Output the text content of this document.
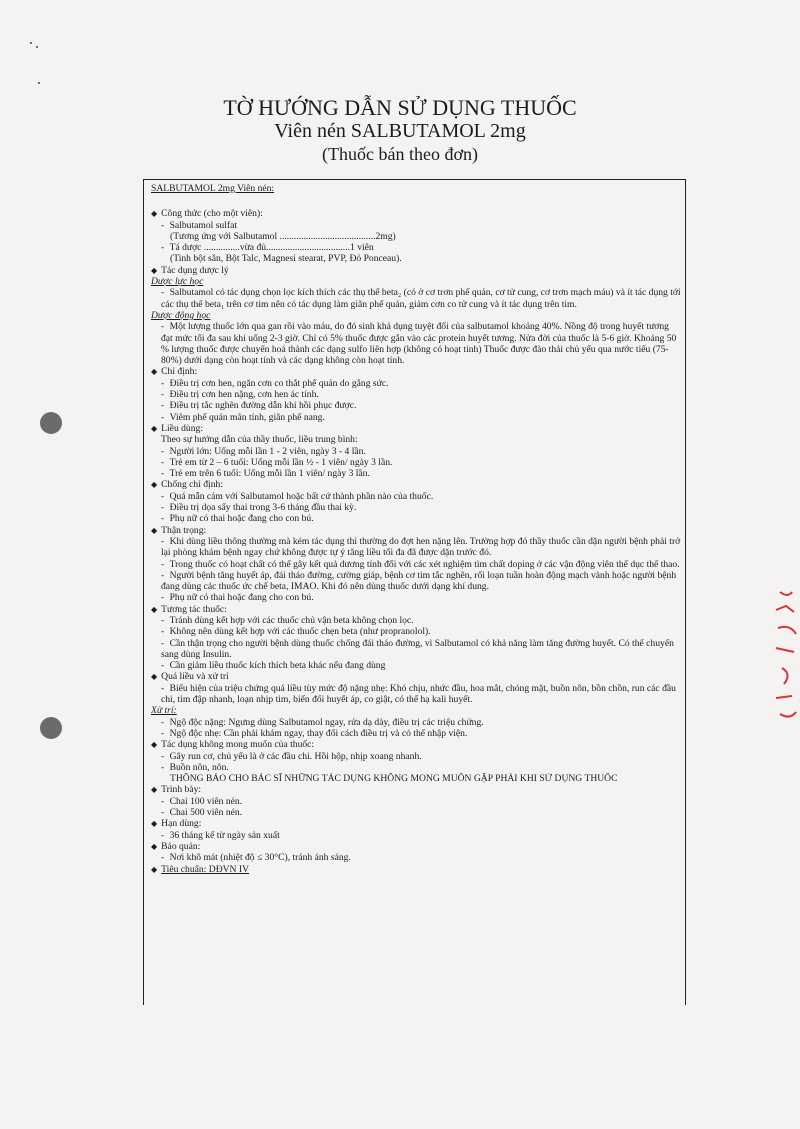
TỜ HƯỚNG DẪN SỬ DỤNG THUỐC
Viên nén SALBUTAMOL 2mg
(Thuốc bán theo đơn)
SALBUTAMOL 2mg Viên nén:
◆ Công thức (cho một viên):
- Salbutamol sulfat
(Tương ứng với Salbutamol ........................................2mg)
- Tá dược ...............vừa đủ...................................1 viên
(Tinh bột sắn, Bột Talc, Magnesi stearat, PVP, Đỏ Ponceau).
◆ Tác dụng dược lý
Dược lực học
- Salbutamol có tác dụng chọn lọc kích thích các thụ thể beta₂ (có ở cơ trơn phế quản, cơ tử cung, cơ trơn mạch máu) và ít tác dụng tới các thụ thể beta₁ trên cơ tim nên có tác dụng làm giãn phế quản, giảm cơn co tử cung và ít tác dụng trên tim.
Dược động học
- Một lượng thuốc lớn qua gan rồi vào máu, do đó sinh khả dụng tuyệt đối của salbutamol khoảng 40%. Nồng độ trong huyết tương đạt mức tối đa sau khi uống 2-3 giờ. Chỉ có 5% thuốc được gắn vào các protein huyết tương. Nửa đời của thuốc là 5-6 giờ. Khoảng 50 % lượng thuốc được chuyển hoá thành các dạng sulfo liên hợp (không có hoạt tính) Thuốc được đào thải chủ yếu qua nước tiểu (75-80%) dưới dạng còn hoạt tính và các dạng không còn hoạt tính.
◆ Chỉ định:
- Điều trị cơn hen, ngăn cơn co thắt phế quản do gắng sức.
- Điều trị cơn hen nặng, cơn hen ác tính.
- Điều trị tắc nghẽn đường dẫn khí hồi phục được.
- Viêm phế quản mãn tính, giãn phế nang.
◆ Liều dùng:
Theo sự hướng dẫn của thầy thuốc, liều trung bình:
- Người lớn: Uống mỗi lần 1 - 2 viên, ngày 3 - 4 lần.
- Trẻ em từ 2 – 6 tuổi: Uống mỗi lần ½ - 1 viên/ ngày 3 lần.
- Trẻ em trên 6 tuổi: Uống mỗi lần 1 viên/ ngày 3 lần.
◆ Chống chỉ định:
- Quá mẫn cảm với Salbutamol hoặc bất cứ thành phần nào của thuốc.
- Điều trị dọa sẩy thai trong 3-6 tháng đầu thai kỳ.
- Phụ nữ có thai hoặc đang cho con bú.
◆ Thận trọng:
- Khi dùng liều thông thường mà kém tác dụng thì thường do đợt hen nặng lên. Trường hợp đó thầy thuốc cần dặn người bệnh phải trở lại phòng khám bệnh ngay chứ không được tự ý tăng liều tối đa đã được dặn trước đó.
- Trong thuốc có hoạt chất có thể gây kết quả dương tính đối với các xét nghiệm tìm chất doping ở các vận động viên thể dục thể thao.
- Người bệnh tăng huyết áp, đái tháo đường, cường giáp, bệnh cơ tim tắc nghẽn, rối loạn tuần hoàn động mạch vành hoặc người bệnh đang dùng các thuốc ức chế beta, IMAO. Khi đó nên dùng thuốc dưới dạng khí dung.
- Phụ nữ có thai hoặc đang cho con bú.
◆ Tương tác thuốc:
- Tránh dùng kết hợp với các thuốc chủ vận beta không chọn lọc.
- Không nên dùng kết hợp với các thuốc chẹn beta (như propranolol).
- Cần thận trọng cho người bệnh dùng thuốc chống đái tháo đường, vì Salbutamol có khả năng làm tăng đường huyết. Có thể chuyển sang dùng Insulin.
- Cần giảm liều thuốc kích thích beta khác nếu đang dùng
◆ Quá liều và xử trí
- Biểu hiện của triệu chứng quá liều tùy mức độ nặng nhẹ: Khó chịu, nhức đầu, hoa mắt, chóng mặt, buồn nôn, bồn chồn, run các đầu chi, tim đập nhanh, loạn nhịp tim, biến đổi huyết áp, co giật, có thể hạ kali huyết.
Xử trí:
- Ngộ độc nặng: Ngưng dùng Salbutamol ngay, rửa dạ dày, điều trị các triệu chứng.
- Ngộ độc nhẹ: Cần phải khám ngay, thay đổi cách điều trị và có thể nhập viện.
◆ Tác dụng không mong muốn của thuốc:
- Gây run cơ, chủ yếu là ở các đầu chi. Hồi hộp, nhịp xoang nhanh.
- Buồn nôn, nôn.
THÔNG BÁO CHO BÁC SĨ NHỮNG TÁC DỤNG KHÔNG MONG MUỐN GẶP PHẢI KHI SỬ DỤNG THUỐC
◆ Trình bày:
- Chai 100 viên nén.
- Chai 500 viên nén.
◆ Hạn dùng:
- 36 tháng kể từ ngày sản xuất
◆ Bảo quản:
- Nơi khô mát (nhiệt độ ≤ 30°C), tránh ánh sáng.
◆ Tiêu chuẩn: DĐVN IV
